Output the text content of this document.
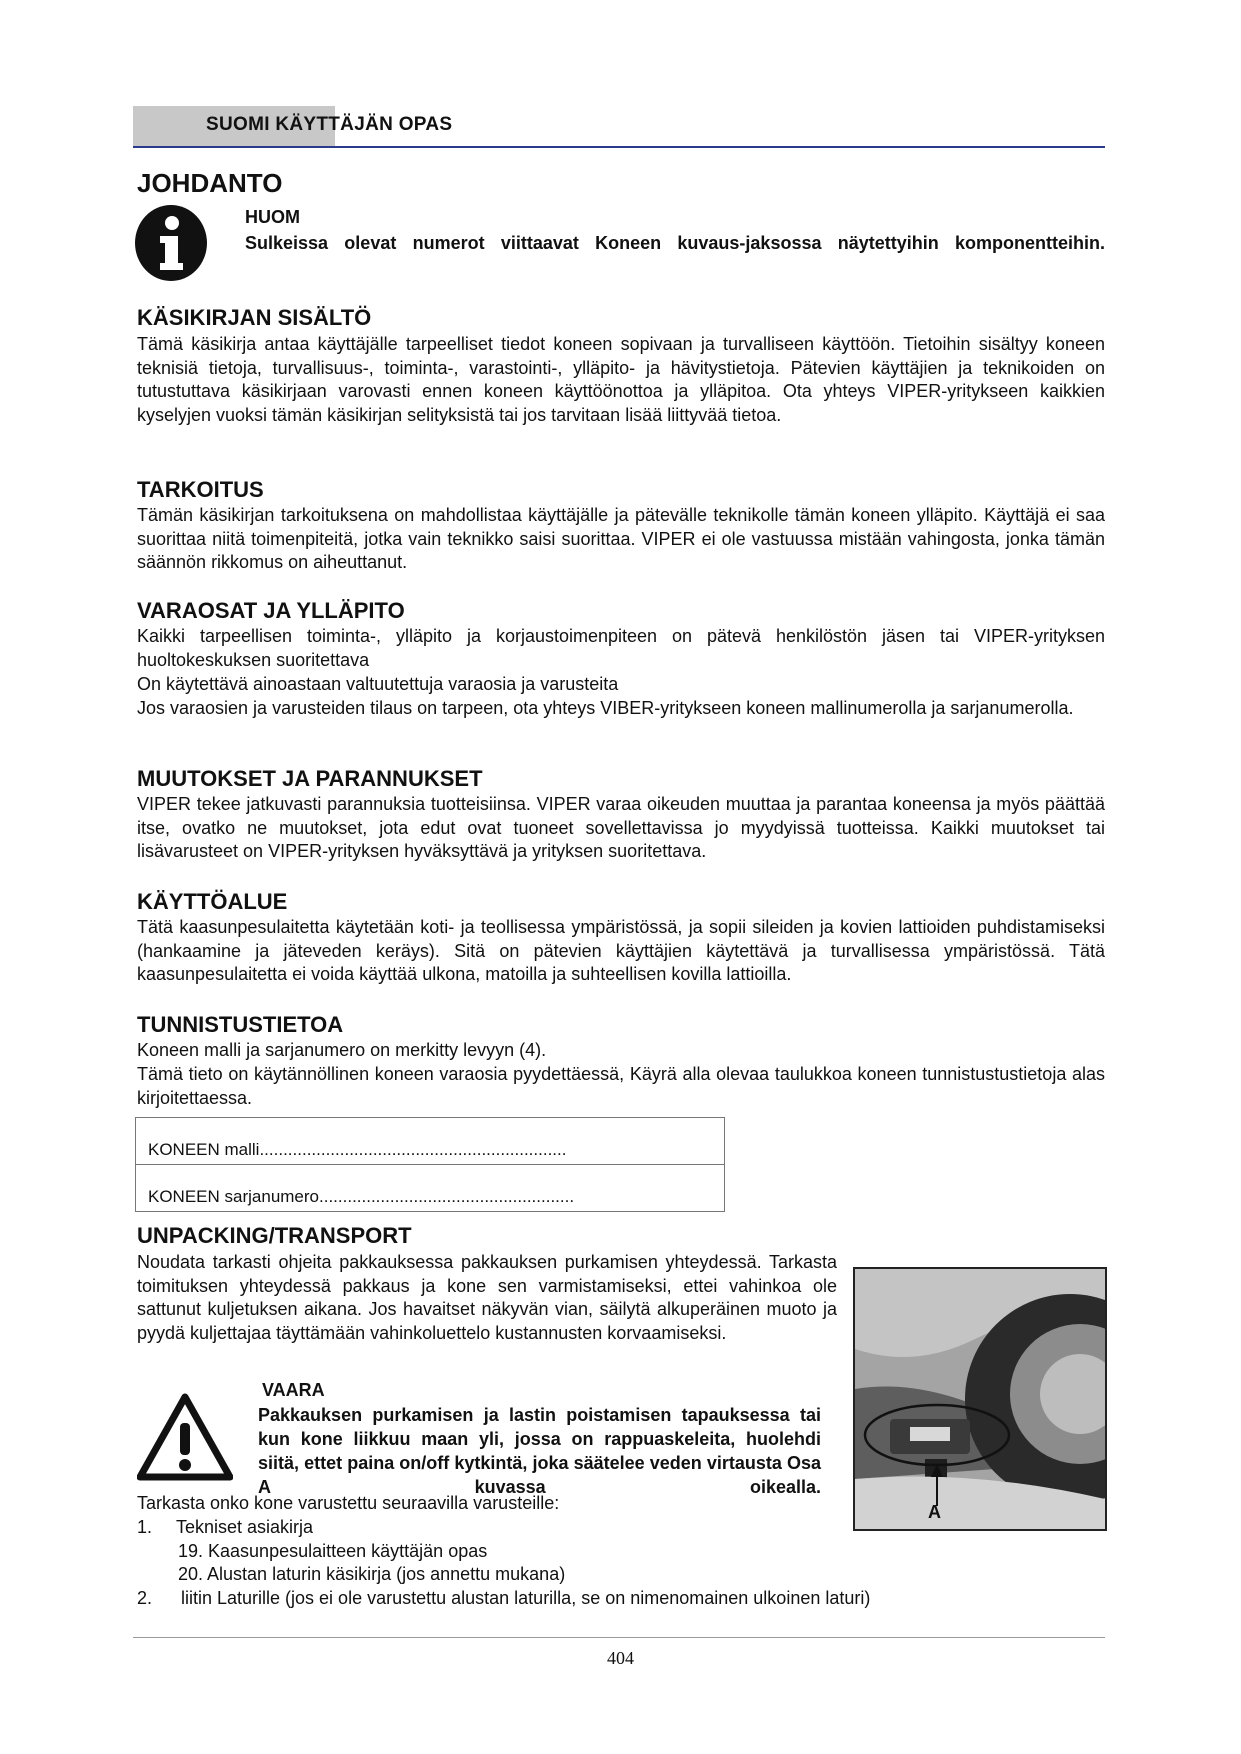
SUOMI KÄYTTÄJÄN OPAS
JOHDANTO
HUOM
Sulkeissa olevat numerot viittaavat Koneen kuvaus-jaksossa näytettyihin komponentteihin.
KÄSIKIRJAN SISÄLTÖ
Tämä käsikirja antaa käyttäjälle tarpeelliset tiedot koneen sopivaan ja turvalliseen käyttöön. Tietoihin sisältyy koneen teknisiä tietoja, turvallisuus-, toiminta-, varastointi-, ylläpito- ja hävitystietoja. Pätevien käyttäjien ja teknikoiden on tutustuttava käsikirjaan varovasti ennen koneen käyttöönottoa ja ylläpitoa. Ota yhteys VIPER-yritykseen kaikkien kyselyjen vuoksi tämän käsikirjan selityksistä tai jos tarvitaan lisää liittyvää tietoa.
TARKOITUS
Tämän käsikirjan tarkoituksena on mahdollistaa käyttäjälle ja pätevälle teknikolle tämän koneen ylläpito. Käyttäjä ei saa suorittaa niitä toimenpiteitä, jotka vain teknikko saisi suorittaa. VIPER ei ole vastuussa mistään vahingosta, jonka tämän säännön rikkomus on aiheuttanut.
VARAOSAT JA YLLÄPITO
Kaikki tarpeellisen toiminta-, ylläpito ja korjaustoimenpiteen on pätevä henkilöstön jäsen tai VIPER-yrityksen huoltokeskuksen suoritettava
On käytettävä ainoastaan valtuutettuja varaosia ja varusteita
Jos varaosien ja varusteiden tilaus on tarpeen, ota yhteys VIBER-yritykseen koneen mallinumerolla ja sarjanumerolla.
MUUTOKSET JA PARANNUKSET
VIPER tekee jatkuvasti parannuksia tuotteisiinsa. VIPER varaa oikeuden muuttaa ja parantaa koneensa ja myös päättää itse, ovatko ne muutokset, jota edut ovat tuoneet sovellettavissa jo myydyissä tuotteissa. Kaikki muutokset tai lisävarusteet on VIPER-yrityksen hyväksyttävä ja yrityksen suoritettava.
KÄYTTÖALUE
Tätä kaasunpesulaitetta käytetään koti- ja teollisessa ympäristössä, ja sopii sileiden ja kovien lattioiden puhdistamiseksi (hankaamine ja jäteveden keräys). Sitä on pätevien käyttäjien käytettävä ja turvallisessa ympäristössä. Tätä kaasunpesulaitetta ei voida käyttää ulkona, matoilla ja suhteellisen kovilla lattioilla.
TUNNISTUSTIETOA
Koneen malli ja sarjanumero on merkitty levyyn (4).
Tämä tieto on käytännöllinen koneen varaosia pyydettäessä, Käyrä alla olevaa taulukkoa koneen tunnistustustietoja alas kirjoitettaessa.
KONEEN malli.................................................................
KONEEN sarjanumero......................................................
UNPACKING/TRANSPORT
Noudata tarkasti ohjeita pakkauksessa pakkauksen purkamisen yhteydessä. Tarkasta toimituksen yhteydessä pakkaus ja kone sen varmistamiseksi, ettei vahinkoa ole sattunut kuljetuksen aikana. Jos havaitset näkyvän vian, säilytä alkuperäinen muoto ja pyydä kuljettajaa täyttämään vahinkoluettelo kustannusten korvaamiseksi.
A
VAARA
Pakkauksen purkamisen ja lastin poistamisen tapauksessa tai kun kone liikkuu maan yli, jossa on rappuaskeleita, huolehdi siitä, ettet paina on/off kytkintä, joka säätelee veden virtausta Osa A kuvassa oikealla.
Tarkasta onko kone varustettu seuraavilla varusteille:
1. Tekniset asiakirja
19. Kaasunpesulaitteen käyttäjän opas
20. Alustan laturin käsikirja (jos annettu mukana)
2. liitin Laturille (jos ei ole varustettu alustan laturilla, se on nimenomainen ulkoinen laturi)
404
